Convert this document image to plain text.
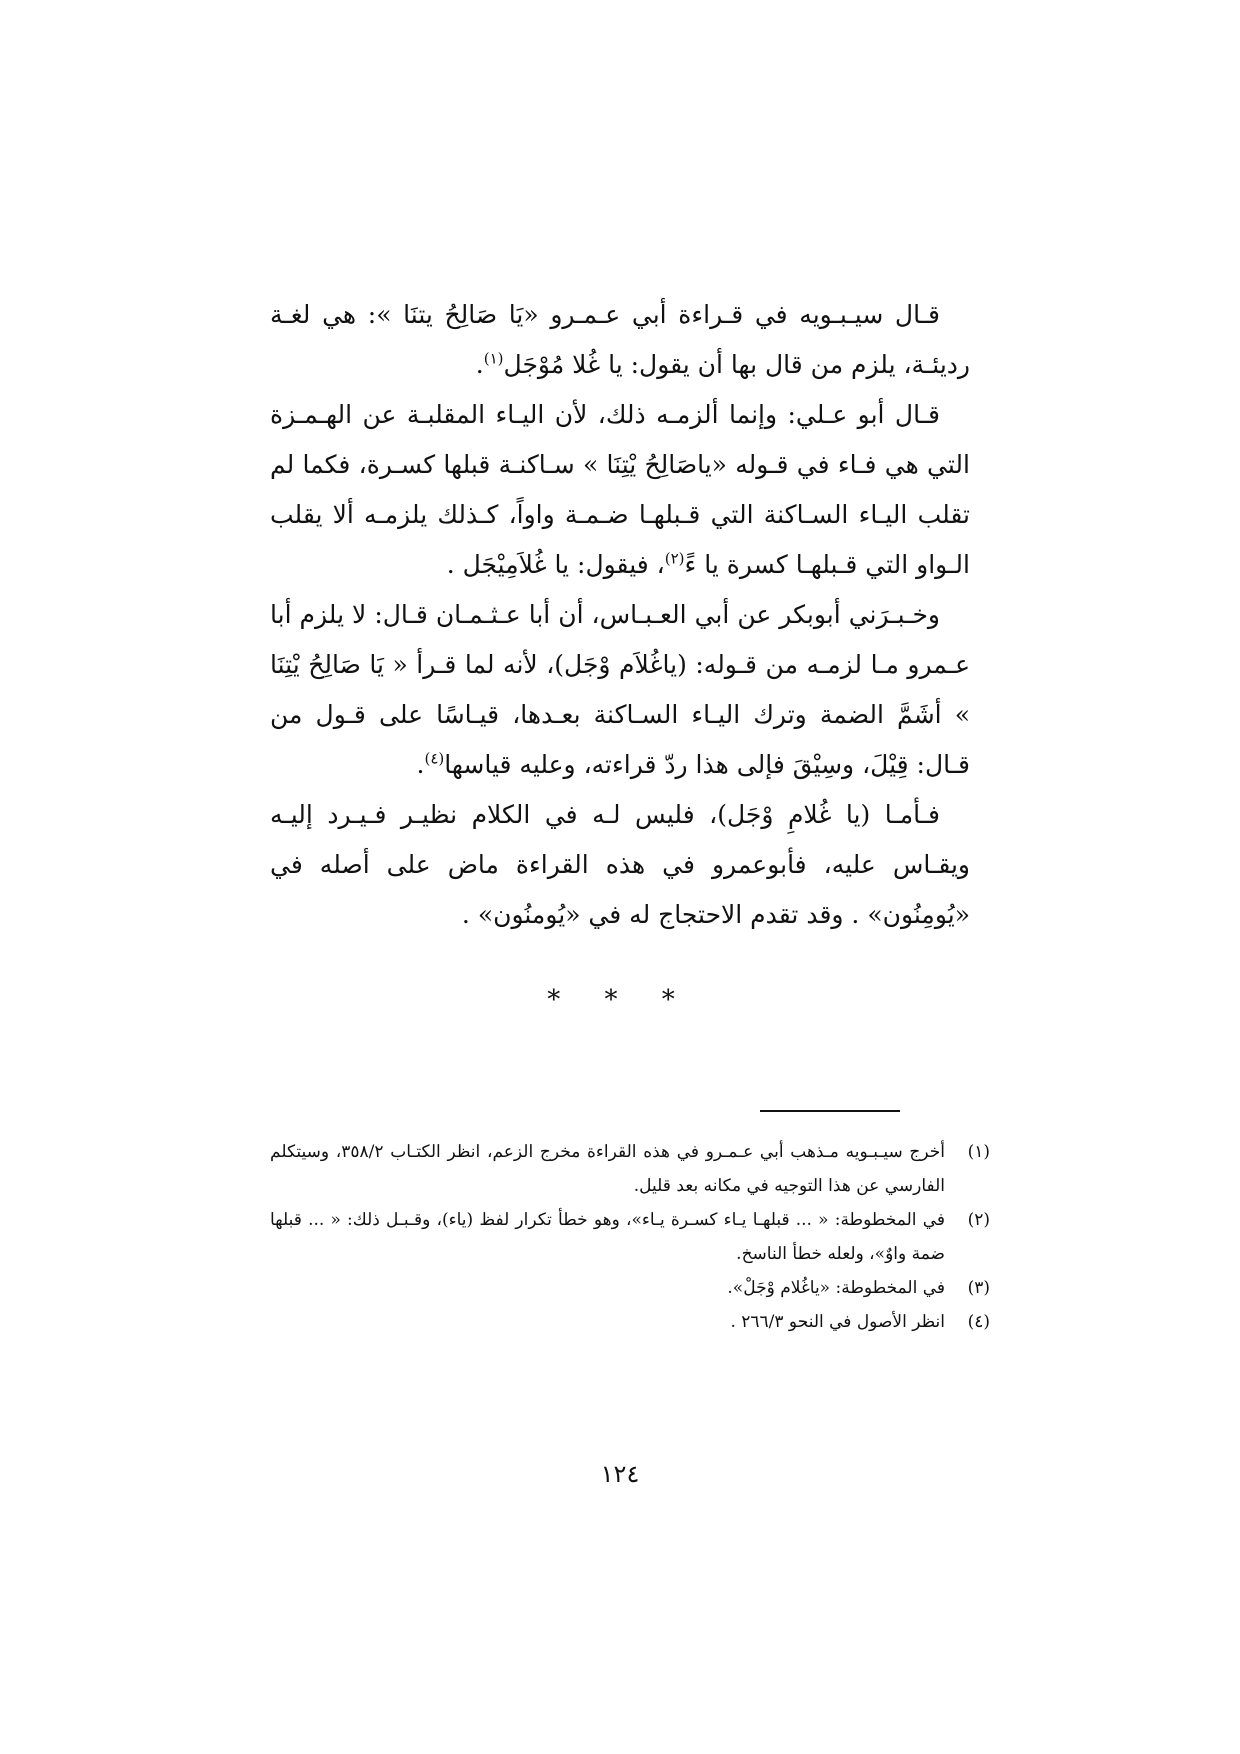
قـال سيـبـويه في قـراءة أبي عـمـرو «يَا صَالِحُ يتنَا »: هي لغـة رديئـة، يلزم من قال بها أن يقول: يا غُلا مُوْجَل$^{(١)}$.

قـال أبو عـلي: وإنما ألزمـه ذلك، لأن اليـاء المقلبـة عن الهـمـزة التي هي فـاء في قـوله «ياصَالِحُ يْتِنَا » سـاكنـة قبلها كسـرة، فكما لم تقلب اليـاء السـاكنة التي قـبلهـا ضـمـة واواً، كـذلك يلزمـه ألا يقلب الـواو التي قـبلهـا كسرة يا ءً$^{(٢)}$، فيقول: يا غُلاَمِيْجَل .

وخـبـرَني أبوبكر عن أبي العـبـاس، أن أبا عـثـمـان قـال: لا يلزم أبا عـمرو مـا لزمـه من قـوله: (ياغُلاَم وْجَل)، لأنه لما قـرأ « يَا صَالِحُ يْتِنَا » أشَمَّ الضمة وترك اليـاء السـاكنة بعـدها، قيـاسًا على قـول من قـال: قِيْلَ، وسِيْقَ فإلى هذا ردّ قراءته، وعليه قياسها$^{(٤)}$.

فـأمـا (يا غُلامِ وْجَل)، فليس لـه في الكلام نظيـر فـيـرد إليـه ويقـاس عليه، فأبوعمرو في هذه القراءة ماض على أصله في «يُومِنُون» . وقد تقدم الاحتجاج له في «يُومنُون» .

* * *
(١)
أخرج سيـبـويه مـذهب أبي عـمـرو في هذه القراءة مخرج الزعم، انظر الكتـاب ٣٥٨/٢، وسيتكلم الفارسي عن هذا التوجيه في مكانه بعد قليل.
(٢)
في المخطوطة: « ... قبلهـا يـاء كسـرة يـاء»، وهو خطأ تكرار لفظ (ياء)، وقـبـل ذلك: « ... قبلها ضمة واوٌ»، ولعله خطأ الناسخ.
(٣)
في المخطوطة: «ياغُلام وْجَلْ».
(٤)
انظر الأصول في النحو ٢٦٦/٣ .
١٢٤
